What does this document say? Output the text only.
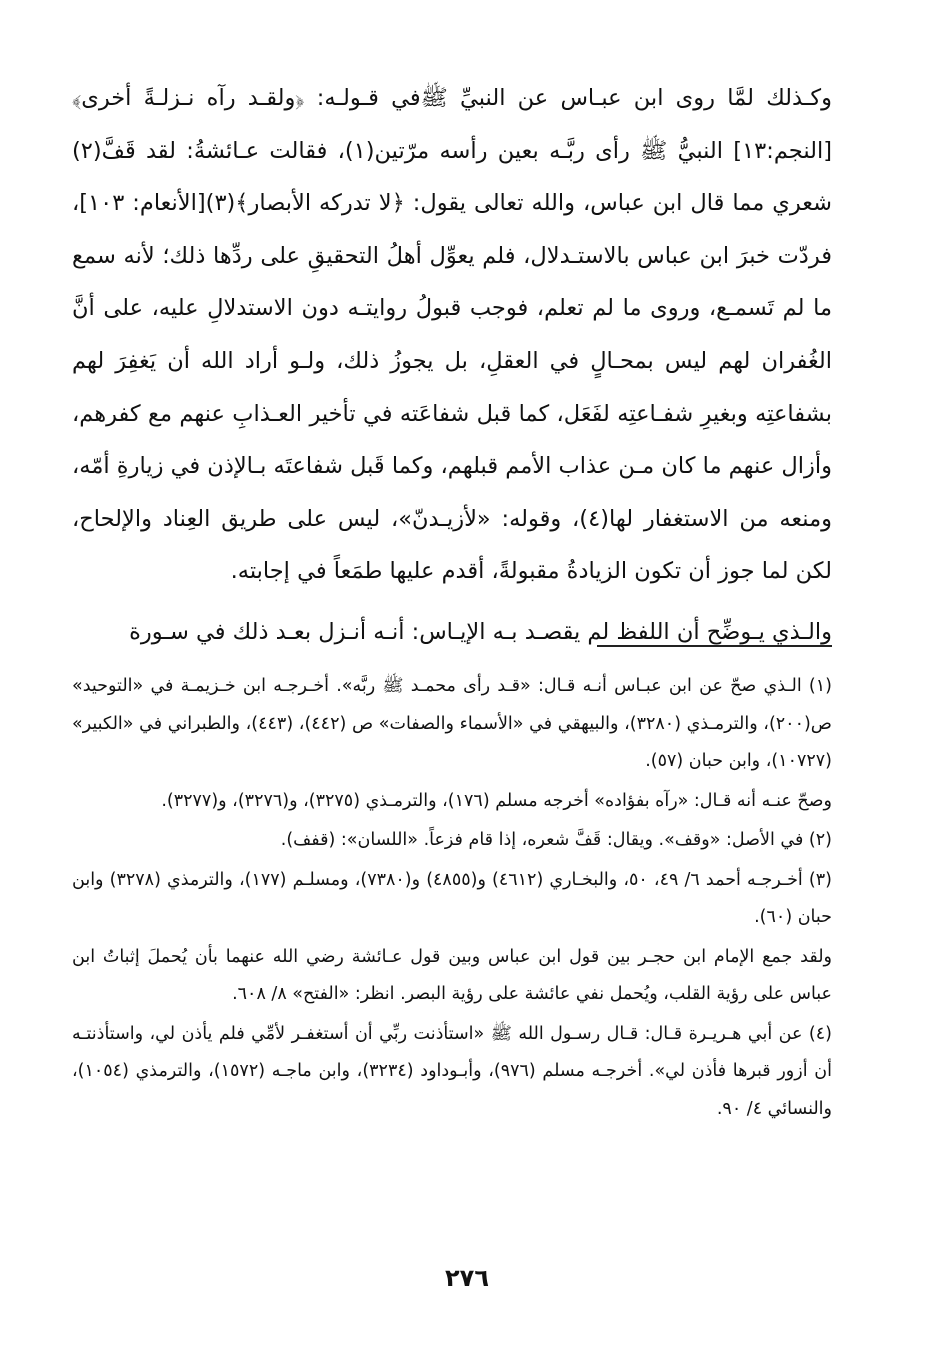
وكـذلك لمَّا روى ابن عبـاس عن النبيِّ ﷺفي قـولـه: ﴿ولقـد رآه نـزلـةً أخرى﴾[النجم:١٣] النبيُّ ﷺ رأى ربَّـه بعين رأسه مرّتين(١)، فقالت عـائشةُ: لقد قَفَّ(٢) شعري مما قال ابن عباس، والله تعالى يقول: ﴿لا تدركه الأبصار﴾(٣)[الأنعام: ١٠٣]، فردّت خبرَ ابن عباس بالاستـدلال، فلم يعوِّل أهلُ التحقيقِ على ردِّها ذلك؛ لأنه سمع ما لم تَسمـع، وروى ما لم تعلم، فوجب قبولُ روايتـه دون الاستدلالِ عليه، على أنَّ الغُفران لهم ليس بمحـالٍ في العقلِ، بل يجوزُ ذلك، ولـو أراد الله أن يَغفِرَ لهم بشفاعتِه وبغيرِ شفـاعتِه لفَعَل، كما قبل شفاعَته في تأخير العـذابِ عنهم مع كفرهم، وأزال عنهم ما كان مـن عذاب الأمم قبلهم، وكما قَبل شفاعتَه بـالإذن في زيارةِ أمّه، ومنعه من الاستغفار لها(٤)، وقوله: «لأزيـدنّ»، ليس على طريق العِناد والإلحاح، لكن لما جوز أن تكون الزيادةُ مقبولةً، أقدم عليها طمَعاً في إجابته.

والـذي يـوضِّح أن اللفظ لم يقصـد بـه الإيـاس: أنـه أنـزل بعـد ذلك في سـورة

(١) الـذي صحّ عن ابن عبـاس أنـه قـال: «قـد رأى محمـد ﷺ ربَّه». أخـرجـه ابن خـزيمـة في «التوحيد» ص(٢٠٠)، والترمـذي (٣٢٨٠)، والبيهقي في «الأسماء والصفات» ص (٤٤٢)، (٤٤٣)، والطبراني في «الكبير» (١٠٧٢٧)، وابن حبان (٥٧).

وصحّ عنـه أنه قـال: «رآه بفؤاده» أخرجه مسلم (١٧٦)، والترمـذي (٣٢٧٥)، و(٣٢٧٦)، و(٣٢٧٧).

(٢) في الأصل: «وقف». ويقال: قَفَّ شعره، إذا قام فزعاً. «اللسان»: (قفف).

(٣) أخـرجـه أحمد ٦/ ٤٩، ٥٠، والبخـاري (٤٦١٢) و(٤٨٥٥) و(٧٣٨٠)، ومسلـم (١٧٧)، والترمذي (٣٢٧٨) وابن حبان (٦٠).

ولقد جمع الإمام ابن حجـر بين قول ابن عباس وبين قول عـائشة رضي الله عنهما بأن يُحملَ إثباتُ ابن عباس على رؤية القلب، ويُحمل نفي عائشة على رؤية البصر. انظر: «الفتح» ٨/ ٦٠٨.

(٤) عن أبي هـريـرة قـال: قـال رسـول الله ﷺ «استأذنت ربِّي أن أستغفـر لأمِّي فلم يأذن لي، واستأذنتـه أن أزور قبرها فأذن لي». أخرجـه مسلم (٩٧٦)، وأبـوداود (٣٢٣٤)، وابن ماجـه (١٥٧٢)، والترمذي (١٠٥٤)، والنسائي ٤/ ٩٠.

٢٧٦
